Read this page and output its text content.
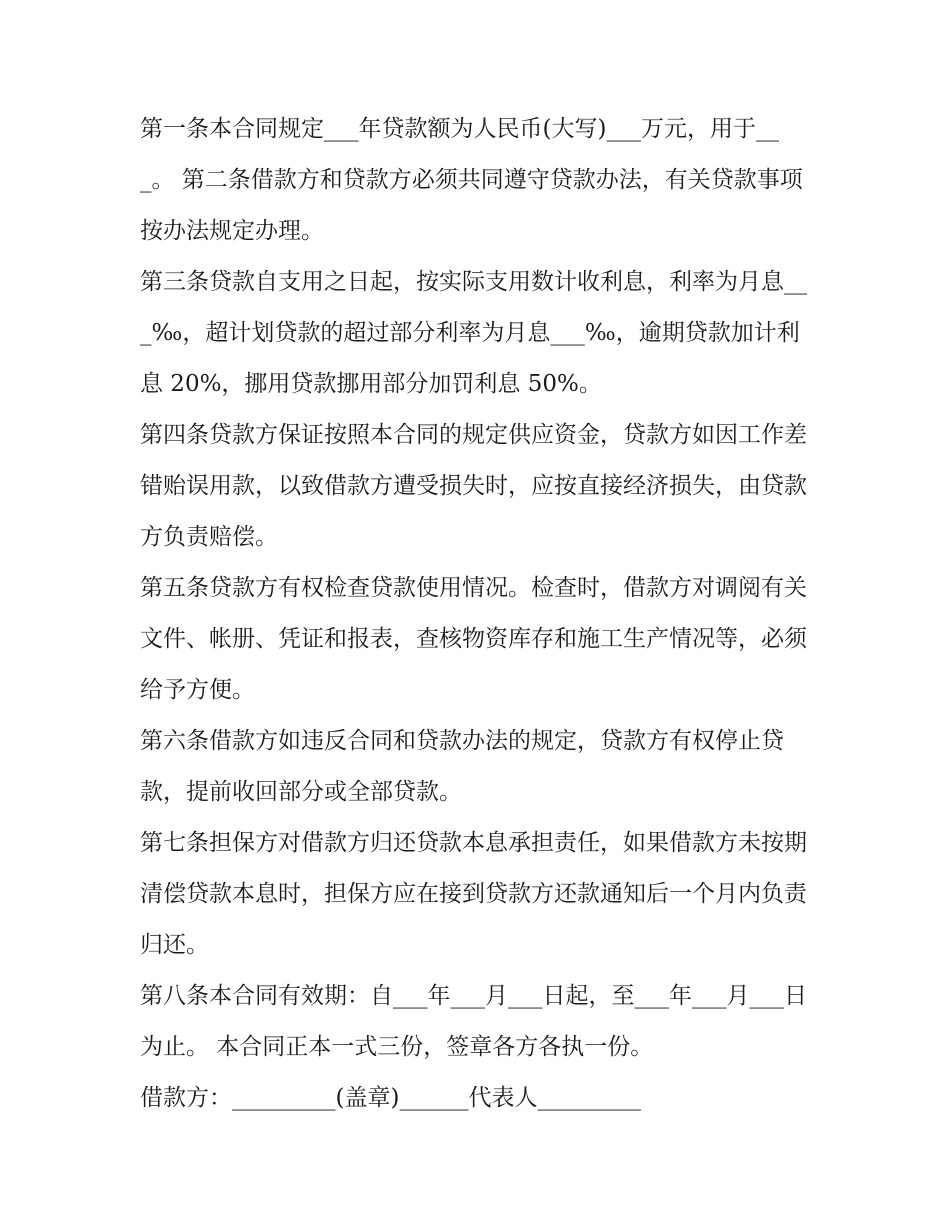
第一条本合同规定___年贷款额为人民币(大写)___万元，用于___。 第二条借款方和贷款方必须共同遵守贷款办法，有关贷款事项按办法规定办理。

第三条贷款自支用之日起，按实际支用数计收利息，利率为月息___‰，超计划贷款的超过部分利率为月息___‰，逾期贷款加计利息 20%，挪用贷款挪用部分加罚利息 50%。

第四条贷款方保证按照本合同的规定供应资金，贷款方如因工作差错贻误用款，以致借款方遭受损失时，应按直接经济损失，由贷款方负责赔偿。

第五条贷款方有权检查贷款使用情况。检查时，借款方对调阅有关文件、帐册、凭证和报表，查核物资库存和施工生产情况等，必须给予方便。

第六条借款方如违反合同和贷款办法的规定，贷款方有权停止贷款，提前收回部分或全部贷款。

第七条担保方对借款方归还贷款本息承担责任，如果借款方未按期清偿贷款本息时，担保方应在接到贷款方还款通知后一个月内负责归还。

第八条本合同有效期：自___年___月___日起，至___年___月___日为止。 本合同正本一式三份，签章各方各执一份。

借款方：_________(盖章)______代表人_________
